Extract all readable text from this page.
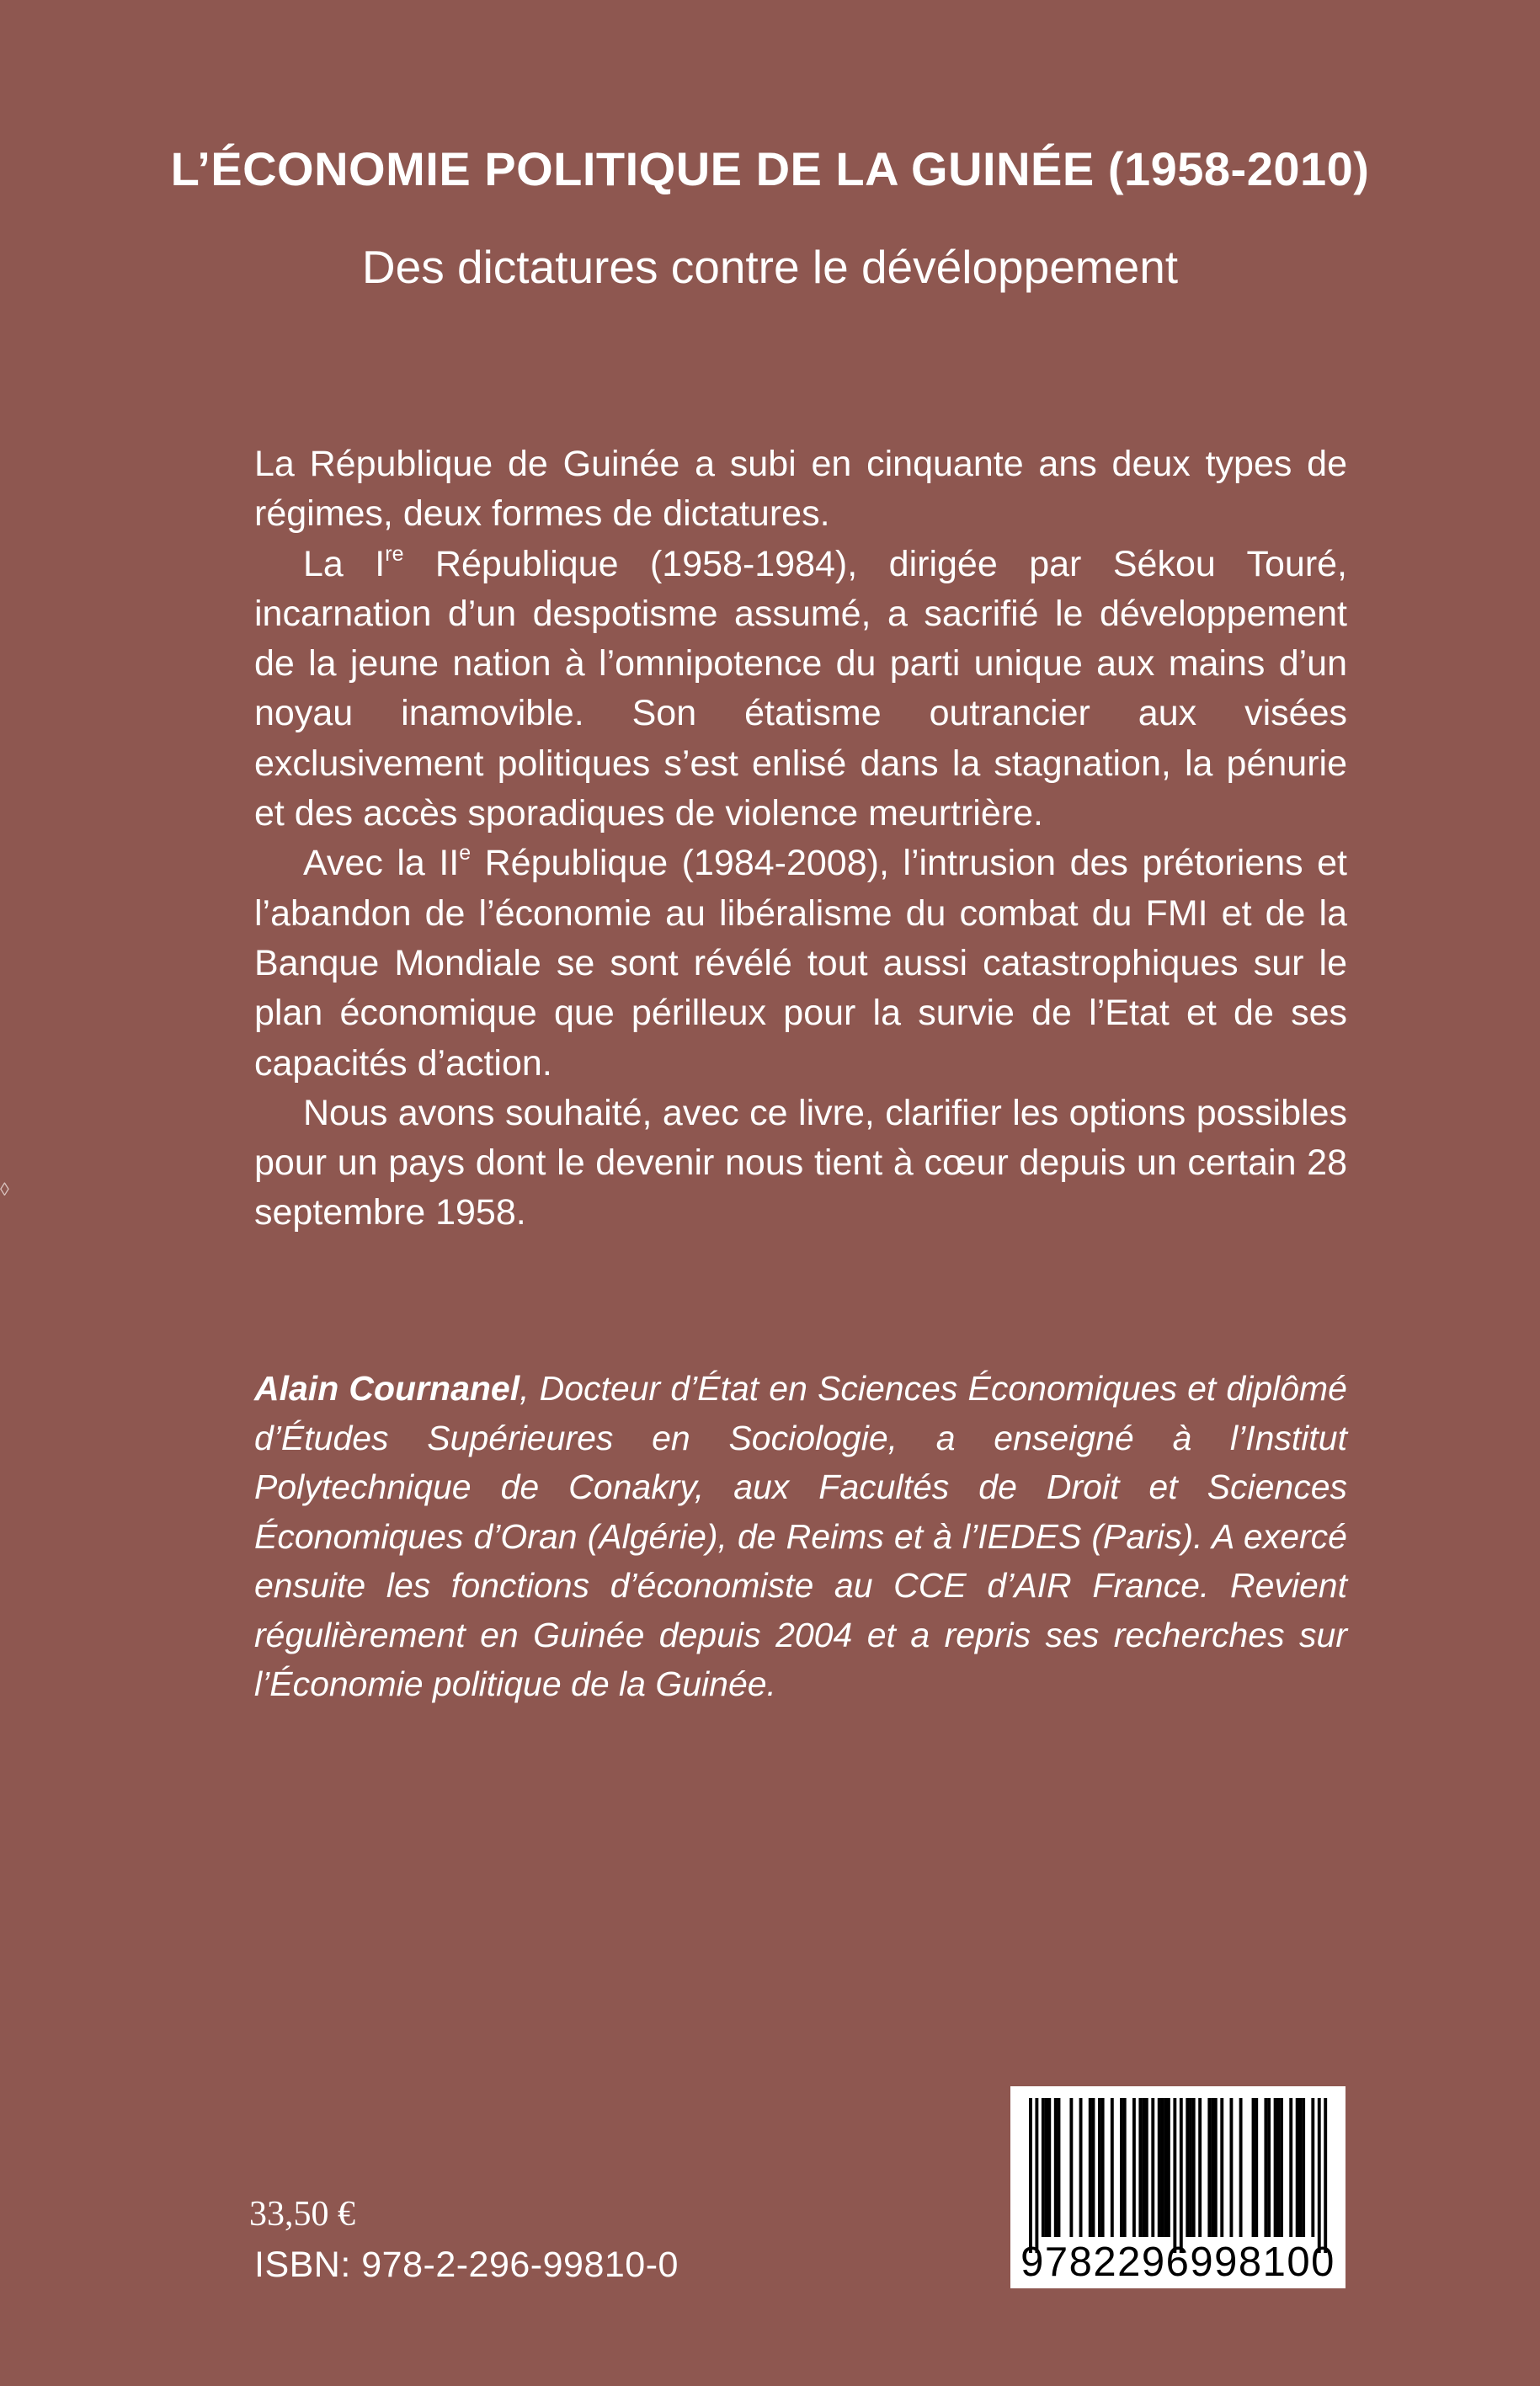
L’ÉCONOMIE POLITIQUE DE LA GUINÉE (1958-2010)
Des dictatures contre le dévéloppement

La République de Guinée a subi en cinquante ans deux types de régimes, deux formes de dictatures.

La Ire République (1958-1984), dirigée par Sékou Touré, incarnation d’un despotisme assumé, a sacrifié le développement de la jeune nation à l’omnipotence du parti unique aux mains d’un noyau inamovible. Son étatisme outrancier aux visées exclusivement politiques s’est enlisé dans la stagnation, la pénurie et des accès sporadiques de violence meurtrière.

Avec la IIe République (1984-2008), l’intrusion des prétoriens et l’abandon de l’économie au libéralisme du combat du FMI et de la Banque Mondiale se sont révélé tout aussi catastrophiques sur le plan économique que périlleux pour la survie de l’Etat et de ses capacités d’action.

Nous avons souhaité, avec ce livre, clarifier les options possibles pour un pays dont le devenir nous tient à cœur depuis un certain 28 septembre 1958.

Alain Cournanel, Docteur d’État en Sciences Économiques et diplômé d’Études Supérieures en Sociologie, a enseigné à l’Institut Polytechnique de Conakry, aux Facultés de Droit et Sciences Économiques d’Oran (Algérie), de Reims et à l’IEDES (Paris). A exercé ensuite les fonctions d’économiste au CCE d’AIR France. Revient régulièrement en Guinée depuis 2004 et a repris ses recherches sur l’Économie politique de la Guinée.
33,50 €
ISBN: 978-2-296-99810-0	9782296998100
◊
